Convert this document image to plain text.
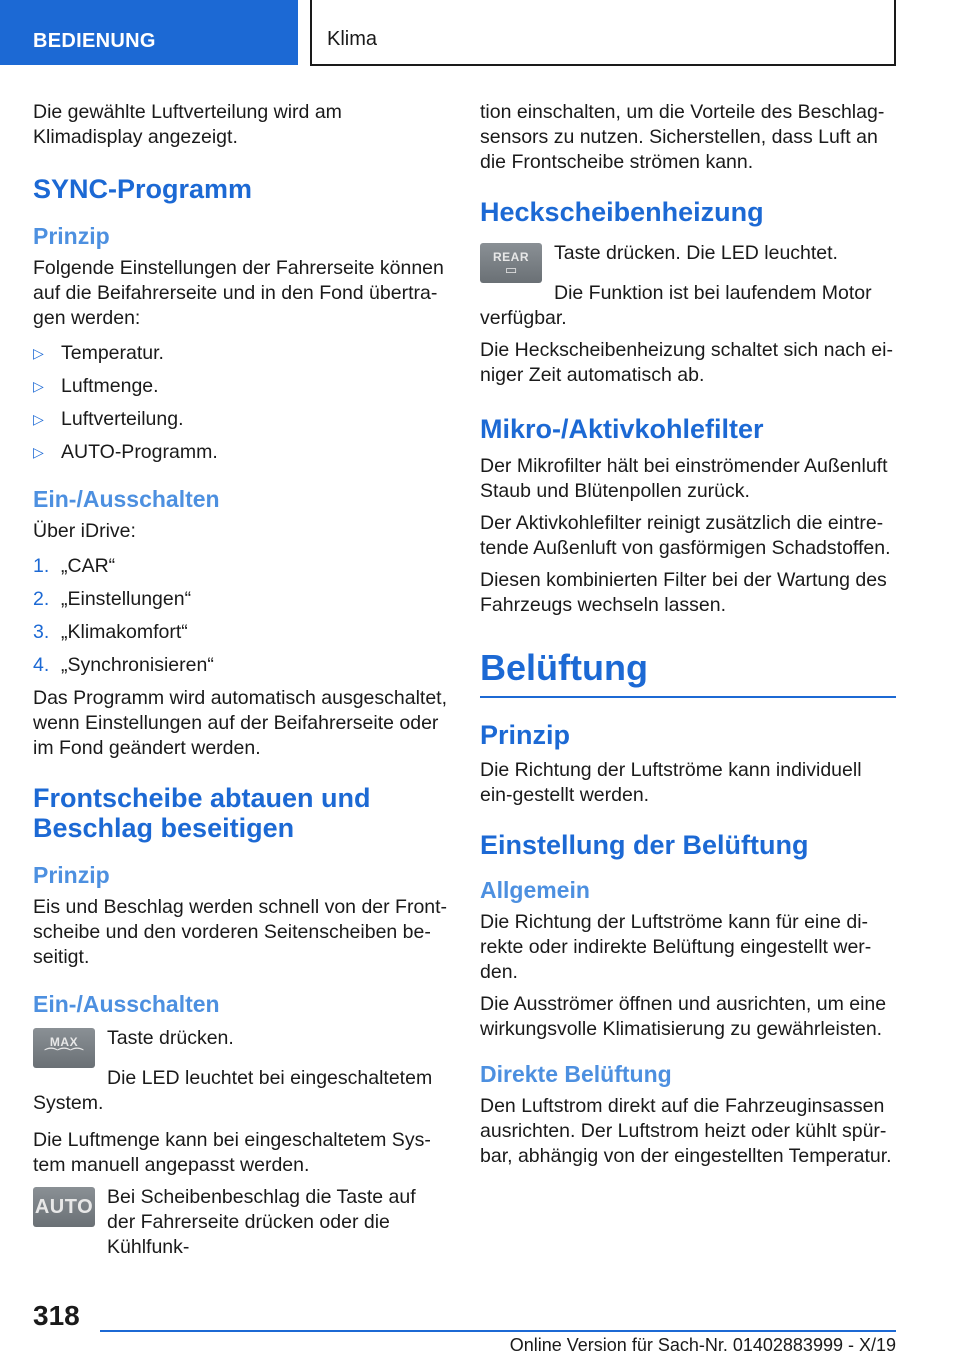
BEDIENUNG	Klima

Die gewählte Luftverteilung wird am Klimadisplay angezeigt.

SYNC-Programm
Prinzip

Folgende Einstellungen der Fahrerseite können auf die Beifahrerseite und in den Fond übertra-gen werden:

▷ Temperatur.
▷ Luftmenge.
▷ Luftverteilung.
▷ AUTO-Programm.
Ein-/Ausschalten

Über iDrive:

1. „CAR“
2. „Einstellungen“
3. „Klimakomfort“
4. „Synchronisieren“

Das Programm wird automatisch ausgeschaltet, wenn Einstellungen auf der Beifahrerseite oder im Fond geändert werden.

Frontscheibe abtauen und Beschlag beseitigen
Prinzip

Eis und Beschlag werden schnell von der Front-scheibe und den vorderen Seitenscheiben be-seitigt.

Ein-/Ausschalten
MAX
⌒⌒⌒

Taste drücken.

Die LED leuchtet bei eingeschaltetem System.

Die Luftmenge kann bei eingeschaltetem Sys-tem manuell angepasst werden.

AUTO Bei Scheibenbeschlag die Taste auf der Fahrerseite drücken oder die Kühlfunk-

tion einschalten, um die Vorteile des Beschlag-sensors zu nutzen. Sicherstellen, dass Luft an die Frontscheibe strömen kann.

Heckscheibenheizung
REAR
▭

Taste drücken. Die LED leuchtet.

Die Funktion ist bei laufendem Motor verfügbar.

Die Heckscheibenheizung schaltet sich nach ei-niger Zeit automatisch ab.

Mikro-/Aktivkohlefilter

Der Mikrofilter hält bei einströmender Außenluft Staub und Blütenpollen zurück.

Der Aktivkohlefilter reinigt zusätzlich die eintre-tende Außenluft von gasförmigen Schadstoffen.

Diesen kombinierten Filter bei der Wartung des Fahrzeugs wechseln lassen.

Belüftung
Prinzip

Die Richtung der Luftströme kann individuell ein-gestellt werden.

Einstellung der Belüftung
Allgemein

Die Richtung der Luftströme kann für eine di-rekte oder indirekte Belüftung eingestellt wer-den.

Die Ausströmer öffnen und ausrichten, um eine wirkungsvolle Klimatisierung zu gewährleisten.

Direkte Belüftung

Den Luftstrom direkt auf die Fahrzeuginsassen ausrichten. Der Luftstrom heizt oder kühlt spür-bar, abhängig von der eingestellten Temperatur.

318
Online Version für Sach-Nr. 01402883999 - X/19
